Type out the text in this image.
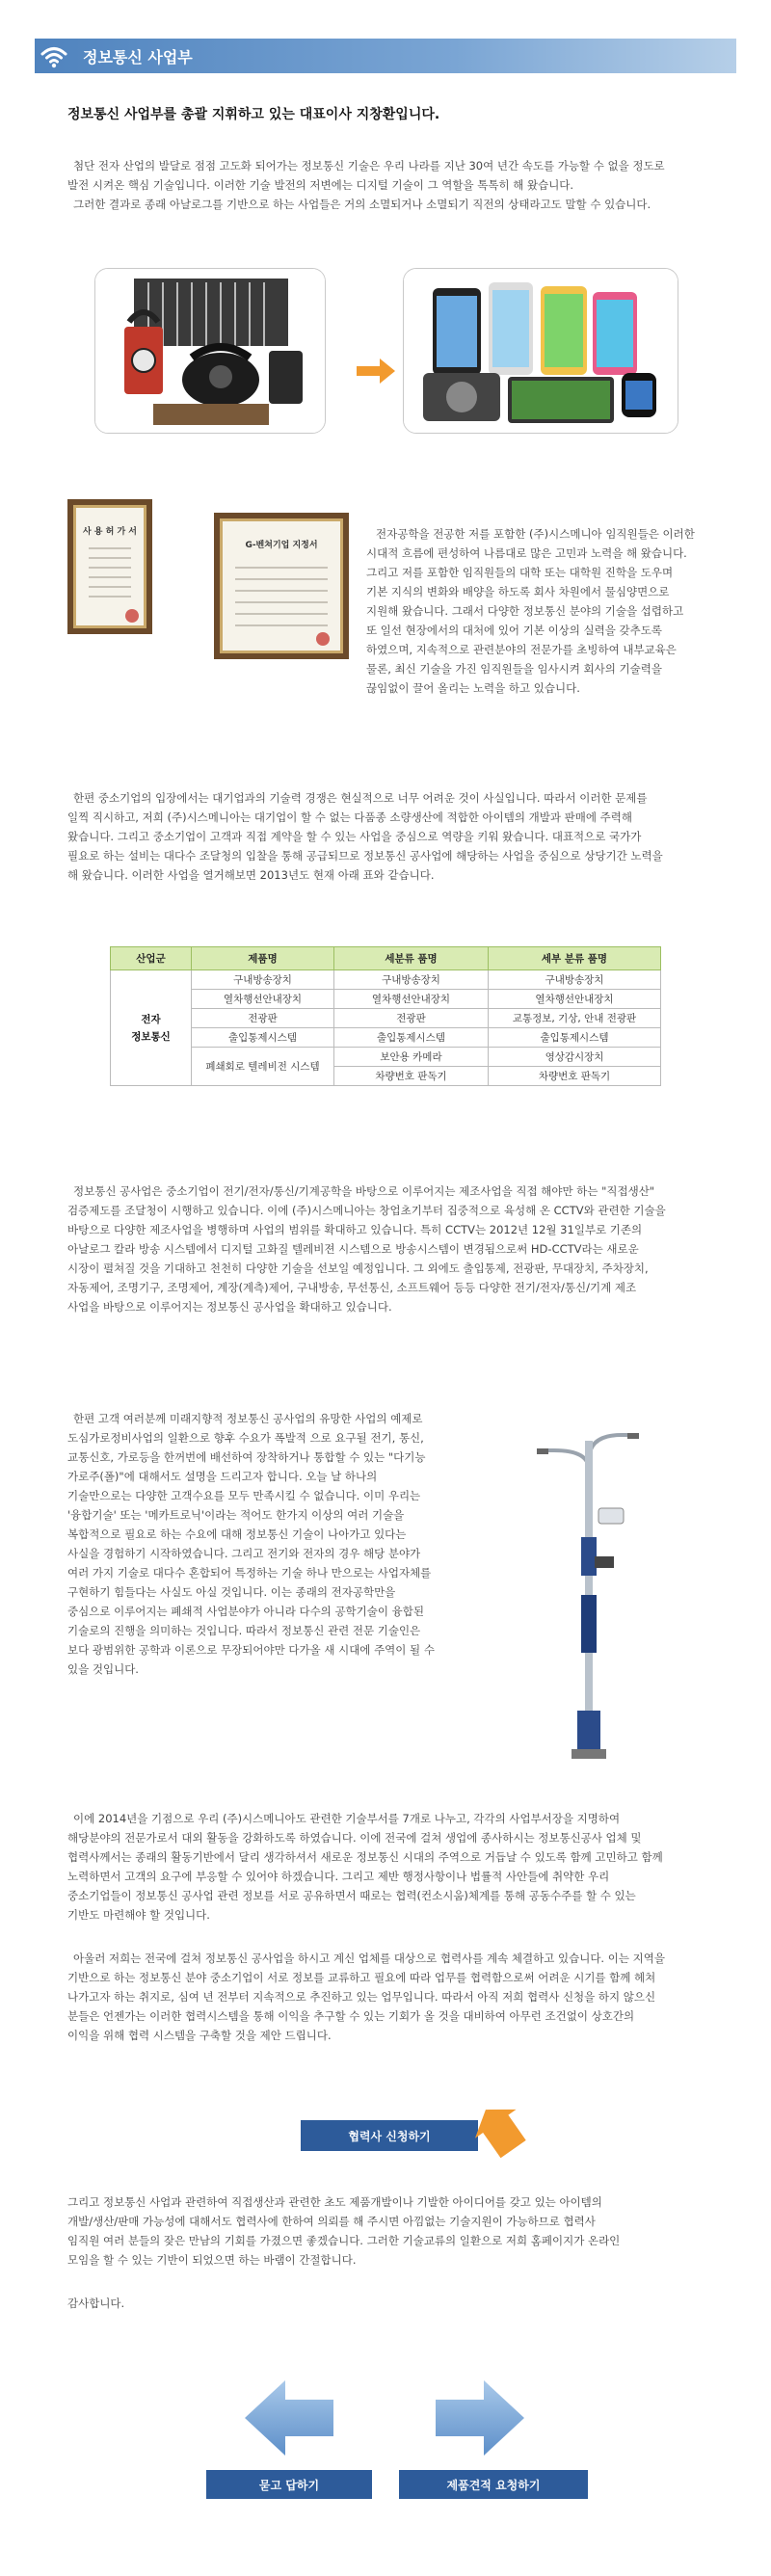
정보통신 사업부
정보통신 사업부를 총괄 지휘하고 있는 대표이사 지창환입니다.
첨단 전자 산업의 발달로 점점 고도화 되어가는 정보통신 기술은 우리 나라를 지난 30여 년간 속도를 가능할 수 없을 정도로
발전 시켜온 핵심 기술입니다. 이러한 기술 발전의 저변에는 디지털 기술이 그 역할을 톡톡히 해 왔습니다.
그러한 결과로 종래 아날로그를 기반으로 하는 사업들은 거의 소멸되거나 소멸되기 직전의 상태라고도 말할 수 있습니다.
사 용 허 가 서
G-벤쳐기업 지정서
전자공학을 전공한 저를 포함한 (주)시스메니아 임직원들은 이러한
시대적 흐름에 편성하여 나름대로 많은 고민과 노력을 해 왔습니다.
그리고 저를 포함한 임직원들의 대학 또는 대학원 진학을 도우며
기본 지식의 변화와 배양을 하도록 회사 차원에서 물심양면으로
지원해 왔습니다. 그래서 다양한 정보통신 분야의 기술을 섭렵하고
또 일선 현장에서의 대처에 있어 기본 이상의 실력을 갖추도록
하였으며, 지속적으로 관련분야의 전문가를 초빙하여 내부교육은
물론, 최신 기술을 가진 임직원들을 임사시켜 회사의 기술력을
끊임없이 끌어 올리는 노력을 하고 있습니다.
한편 중소기업의 입장에서는 대기업과의 기술력 경쟁은 현실적으로 너무 어려운 것이 사실입니다. 따라서 이러한 문제를
일찍 직시하고, 저희 (주)시스메니아는 대기업이 할 수 없는 다품종 소량생산에 적합한 아이템의 개발과 판매에 주력해
왔습니다. 그리고 중소기업이 고객과 직접 계약을 할 수 있는 사업을 중심으로 역량을 키워 왔습니다. 대표적으로 국가가
필요로 하는 설비는 대다수 조달청의 입찰을 통해 공급되므로 정보통신 공사업에 해당하는 사업을 중심으로 상당기간 노력을
해 왔습니다. 이러한 사업을 열거해보면 2013년도 현재 아래 표와 같습니다.
산업군	제품명	세분류 품명	세부 분류 품명
전자
정보통신	구내방송장치	구내방송장치	구내방송장치
	열차행선안내장치	열차행선안내장치	열차행선안내장치
	전광판	전광판	교통정보, 기상, 안내 전광판
	출입통제시스템	출입통제시스템	출입통제시스템
	폐쇄회로 텔레비전 시스템	보안용 카메라	영상감시장치
		차량번호 판독기	차량번호 판독기
정보통신 공사업은 중소기업이 전기/전자/통신/기계공학을 바탕으로 이루어지는 제조사업을 직접 해야만 하는 "직접생산"
검증제도를 조달청이 시행하고 있습니다. 이에 (주)시스메니아는 창업초기부터 집중적으로 육성해 온 CCTV와 관련한 기술을
바탕으로 다양한 제조사업을 병행하며 사업의 범위를 확대하고 있습니다. 특히 CCTV는 2012년 12월 31일부로 기존의
아날로그 칼라 방송 시스템에서 디지털 고화질 텔레비젼 시스템으로 방송시스템이 변경됨으로써 HD-CCTV라는 새로운
시장이 펼쳐질 것을 기대하고 천천히 다양한 기술을 선보일 예정입니다. 그 외에도 출입통제, 전광판, 무대장치, 주차장치,
자동제어, 조명기구, 조명제어, 계장(계측)제어, 구내방송, 무선통신, 소프트웨어 등등 다양한 전기/전자/통신/기계 제조
사업을 바탕으로 이루어지는 정보통신 공사업을 확대하고 있습니다.
한편 고객 여러분께 미래지향적 정보통신 공사업의 유망한 사업의 예제로
도심가로정비사업의 일환으로 향후 수요가 폭발적 으로 요구될 전기, 통신,
교통신호, 가로등을 한꺼번에 배선하여 장착하거나 통합할 수 있는 "다기능
가로주(폴)"에 대해서도 설명을 드리고자 합니다. 오늘 날 하나의
기술만으로는 다양한 고객수요를 모두 만족시킬 수 없습니다. 이미 우리는
'융합기술' 또는 '메카트로닉'이라는 적어도 한가지 이상의 여러 기술을
복합적으로 필요로 하는 수요에 대해 정보통신 기술이 나아가고 있다는
사실을 경험하기 시작하였습니다. 그리고 전기와 전자의 경우 해당 분야가
여러 가지 기술로 대다수 혼합되어 특정하는 기술 하나 만으로는 사업자체를
구현하기 힘들다는 사실도 아실 것입니다. 이는 종래의 전자공학만을
중심으로 이루어지는 폐쇄적 사업분야가 아니라 다수의 공학기술이 융합된
기술로의 진행을 의미하는 것입니다. 따라서 정보통신 관련 전문 기술인은
보다 광범위한 공학과 이론으로 무장되어야만 다가올 새 시대에 주역이 될 수
있을 것입니다.
이에 2014년을 기점으로 우리 (주)시스메니아도 관련한 기술부서를 7개로 나누고, 각각의 사업부서장을 지명하여
해당분야의 전문가로서 대외 활동을 강화하도록 하였습니다. 이에 전국에 걸쳐 생업에 종사하시는 정보통신공사 업체 및
협력사께서는 종래의 활동기반에서 달리 생각하셔서 새로운 정보통신 시대의 주역으로 거듭날 수 있도록 함께 고민하고 함께
노력하면서 고객의 요구에 부응할 수 있어야 하겠습니다. 그리고 제반 행정사항이나 법률적 사안들에 취약한 우리
중소기업들이 정보통신 공사업 관련 정보를 서로 공유하면서 때로는 협력(컨소시움)체계를 통해 공동수주를 할 수 있는
기반도 마련해야 할 것입니다.
아울러 저희는 전국에 걸쳐 정보통신 공사업을 하시고 계신 업체를 대상으로 협력사를 계속 체결하고 있습니다. 이는 지역을
기반으로 하는 정보통신 분야 중소기업이 서로 정보를 교류하고 필요에 따라 업무를 협력함으로써 어려운 시기를 함께 헤쳐
나가고자 하는 취지로, 심여 년 전부터 지속적으로 추진하고 있는 업무입니다. 따라서 아직 저희 협력사 신청을 하지 않으신
분들은 언젠가는 이러한 협력시스템을 통해 이익을 추구할 수 있는 기회가 올 것을 대비하여 아무런 조건없이 상호간의
이익을 위해 협력 시스템을 구축할 것을 제안 드립니다.
협력사 신청하기
그리고 정보통신 사업과 관련하여 직접생산과 관련한 초도 제품개발이나 기발한 아이디어를 갖고 있는 아이템의
개발/생산/판매 가능성에 대해서도 협력사에 한하여 의뢰를 해 주시면 아낌없는 기술지원이 가능하므로 협력사
임직원 여러 분들의 잦은 만남의 기회를 가졌으면 좋겠습니다. 그러한 기술교류의 일환으로 저희 홈페이지가 온라인
모임을 할 수 있는 기반이 되었으면 하는 바램이 간절합니다.
감사합니다.
묻고 답하기	제품견적 요청하기
